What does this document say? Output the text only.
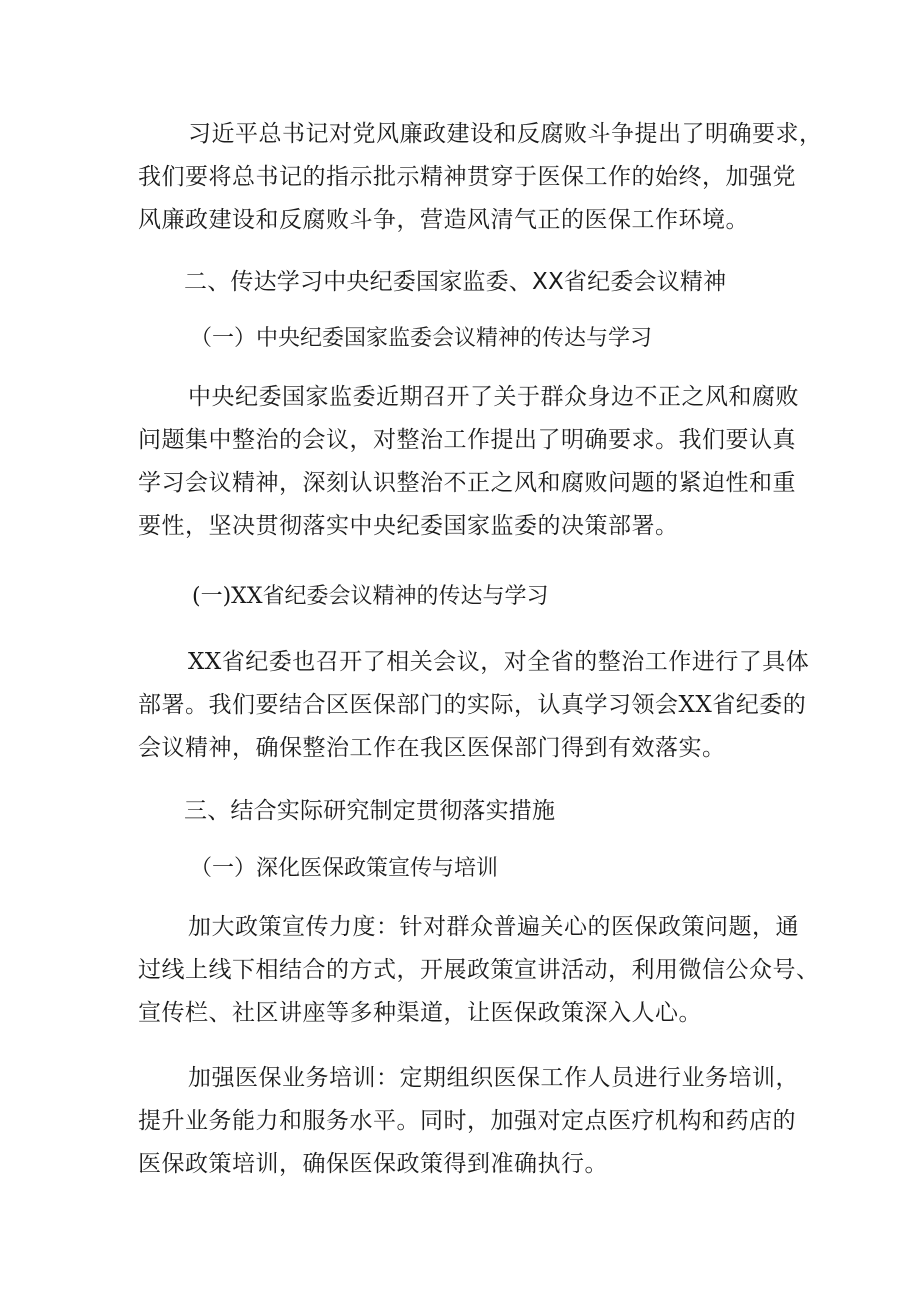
习近平总书记对党风廉政建设和反腐败斗争提出了明确要求，
我们要将总书记的指示批示精神贯穿于医保工作的始终，加强党
风廉政建设和反腐败斗争，营造风清气正的医保工作环境。

二、传达学习中央纪委国家监委、XX省纪委会议精神
（一）中央纪委国家监委会议精神的传达与学习

中央纪委国家监委近期召开了关于群众身边不正之风和腐败
问题集中整治的会议，对整治工作提出了明确要求。我们要认真
学习会议精神，深刻认识整治不正之风和腐败问题的紧迫性和重
要性，坚决贯彻落实中央纪委国家监委的决策部署。

(一)XX省纪委会议精神的传达与学习

XX省纪委也召开了相关会议，对全省的整治工作进行了具体
部署。我们要结合区医保部门的实际，认真学习领会XX省纪委的
会议精神，确保整治工作在我区医保部门得到有效落实。

三、结合实际研究制定贯彻落实措施
（一）深化医保政策宣传与培训

加大政策宣传力度：针对群众普遍关心的医保政策问题，通
过线上线下相结合的方式，开展政策宣讲活动，利用微信公众号、
宣传栏、社区讲座等多种渠道，让医保政策深入人心。

加强医保业务培训：定期组织医保工作人员进行业务培训，
提升业务能力和服务水平。同时，加强对定点医疗机构和药店的
医保政策培训，确保医保政策得到准确执行。
